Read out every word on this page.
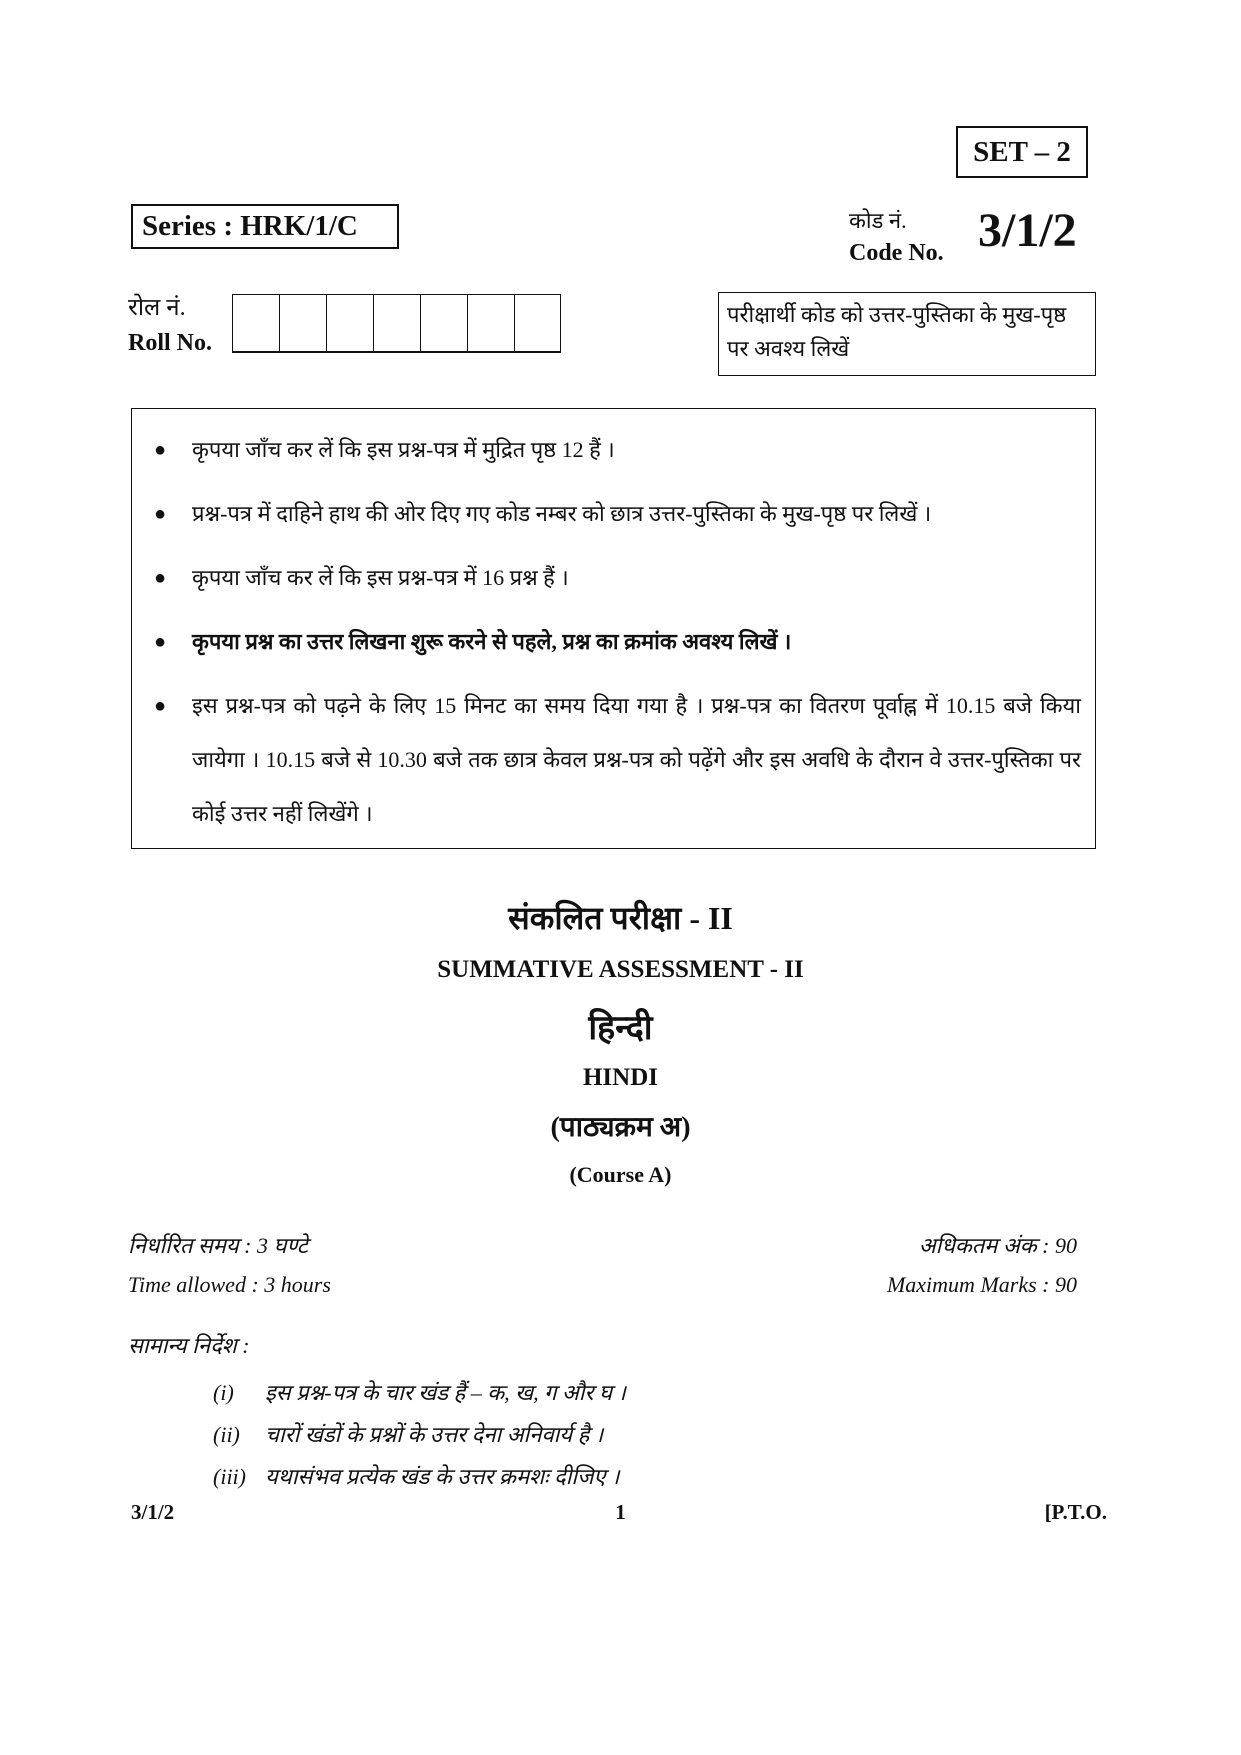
SET – 2
Series : HRK/1/C	कोड नं.
Code No. 3/1/2
रोल नं.
Roll No.
परीक्षार्थी कोड को उत्तर-पुस्तिका के मुख-पृष्ठ पर अवश्य लिखें
● कृपया जाँच कर लें कि इस प्रश्न-पत्र में मुद्रित पृष्ठ 12 हैं ।
● प्रश्न-पत्र में दाहिने हाथ की ओर दिए गए कोड नम्बर को छात्र उत्तर-पुस्तिका के मुख-पृष्ठ पर लिखें ।
● कृपया जाँच कर लें कि इस प्रश्न-पत्र में 16 प्रश्न हैं ।
● कृपया प्रश्न का उत्तर लिखना शुरू करने से पहले, प्रश्न का क्रमांक अवश्य लिखें ।
● इस प्रश्न-पत्र को पढ़ने के लिए 15 मिनट का समय दिया गया है । प्रश्न-पत्र का वितरण पूर्वाह्न में 10.15 बजे किया जायेगा । 10.15 बजे से 10.30 बजे तक छात्र केवल प्रश्न-पत्र को पढ़ेंगे और इस अवधि के दौरान वे उत्तर-पुस्तिका पर कोई उत्तर नहीं लिखेंगे ।
संकलित परीक्षा - II
SUMMATIVE ASSESSMENT - II
हिन्दी
HINDI
(पाठ्यक्रम अ)
(Course A)
निर्धारित समय : 3 घण्टे
Time allowed : 3 hours
अधिकतम अंक : 90
Maximum Marks : 90
सामान्य निर्देश :
(i) इस प्रश्न-पत्र के चार खंड हैं – क, ख, ग और घ ।
(ii) चारों खंडों के प्रश्नों के उत्तर देना अनिवार्य है ।
(iii) यथासंभव प्रत्येक खंड के उत्तर क्रमशः दीजिए ।
3/1/2	1	[P.T.O.
